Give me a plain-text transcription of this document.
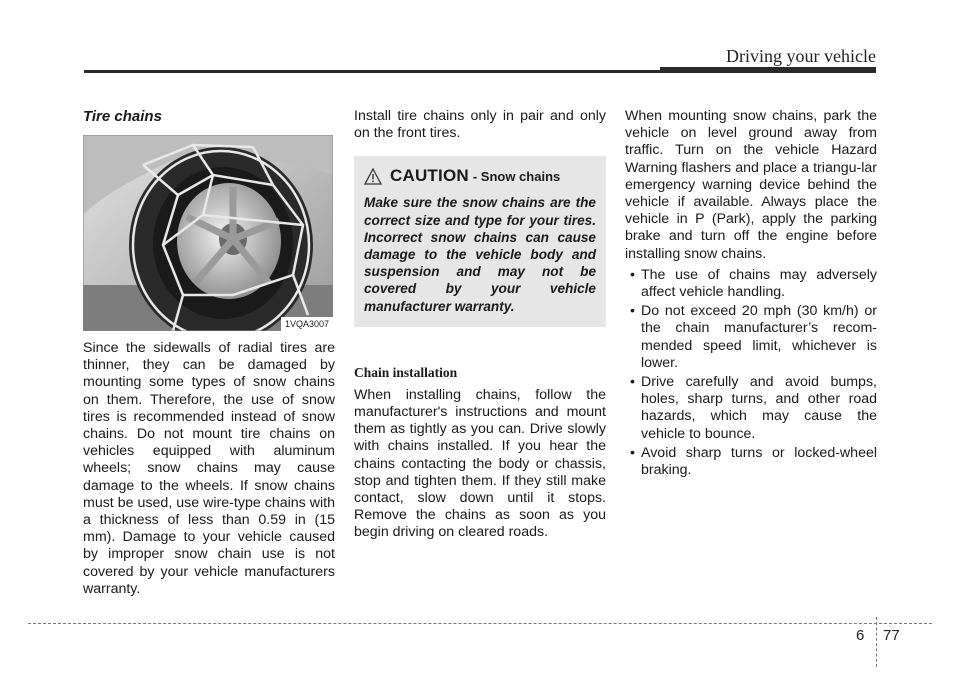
Driving your vehicle
Tire chains
1VQA3007

Since the sidewalls of radial tires are thinner, they can be damaged by mounting some types of snow chains on them. Therefore, the use of snow tires is recommended instead of snow chains. Do not mount tire chains on vehicles equipped with aluminum wheels; snow chains may cause damage to the wheels. If snow chains must be used, use wire-type chains with a thickness of less than 0.59 in (15 mm). Damage to your vehicle caused by improper snow chain use is not covered by your vehicle manufacturers warranty.

Install tire chains only in pair and only on the front tires.

CAUTION - Snow chains

Make sure the snow chains are the correct size and type for your tires. Incorrect snow chains can cause damage to the vehicle body and suspension and may not be covered by your vehicle manufacturer warranty.

Chain installation

When installing chains, follow the manufacturer's instructions and mount them as tightly as you can. Drive slowly with chains installed. If you hear the chains contacting the body or chassis, stop and tighten them. If they still make contact, slow down until it stops. Remove the chains as soon as you begin driving on cleared roads.

When mounting snow chains, park the vehicle on level ground away from traffic. Turn on the vehicle Hazard Warning flashers and place a triangu-lar emergency warning device behind the vehicle if available. Always place the vehicle in P (Park), apply the parking brake and turn off the engine before installing snow chains.

• The use of chains may adversely affect vehicle handling.
• Do not exceed 20 mph (30 km/h) or the chain manufacturer’s recom-mended speed limit, whichever is lower.
• Drive carefully and avoid bumps, holes, sharp turns, and other road hazards, which may cause the vehicle to bounce.
• Avoid sharp turns or locked-wheel braking.
6 77
